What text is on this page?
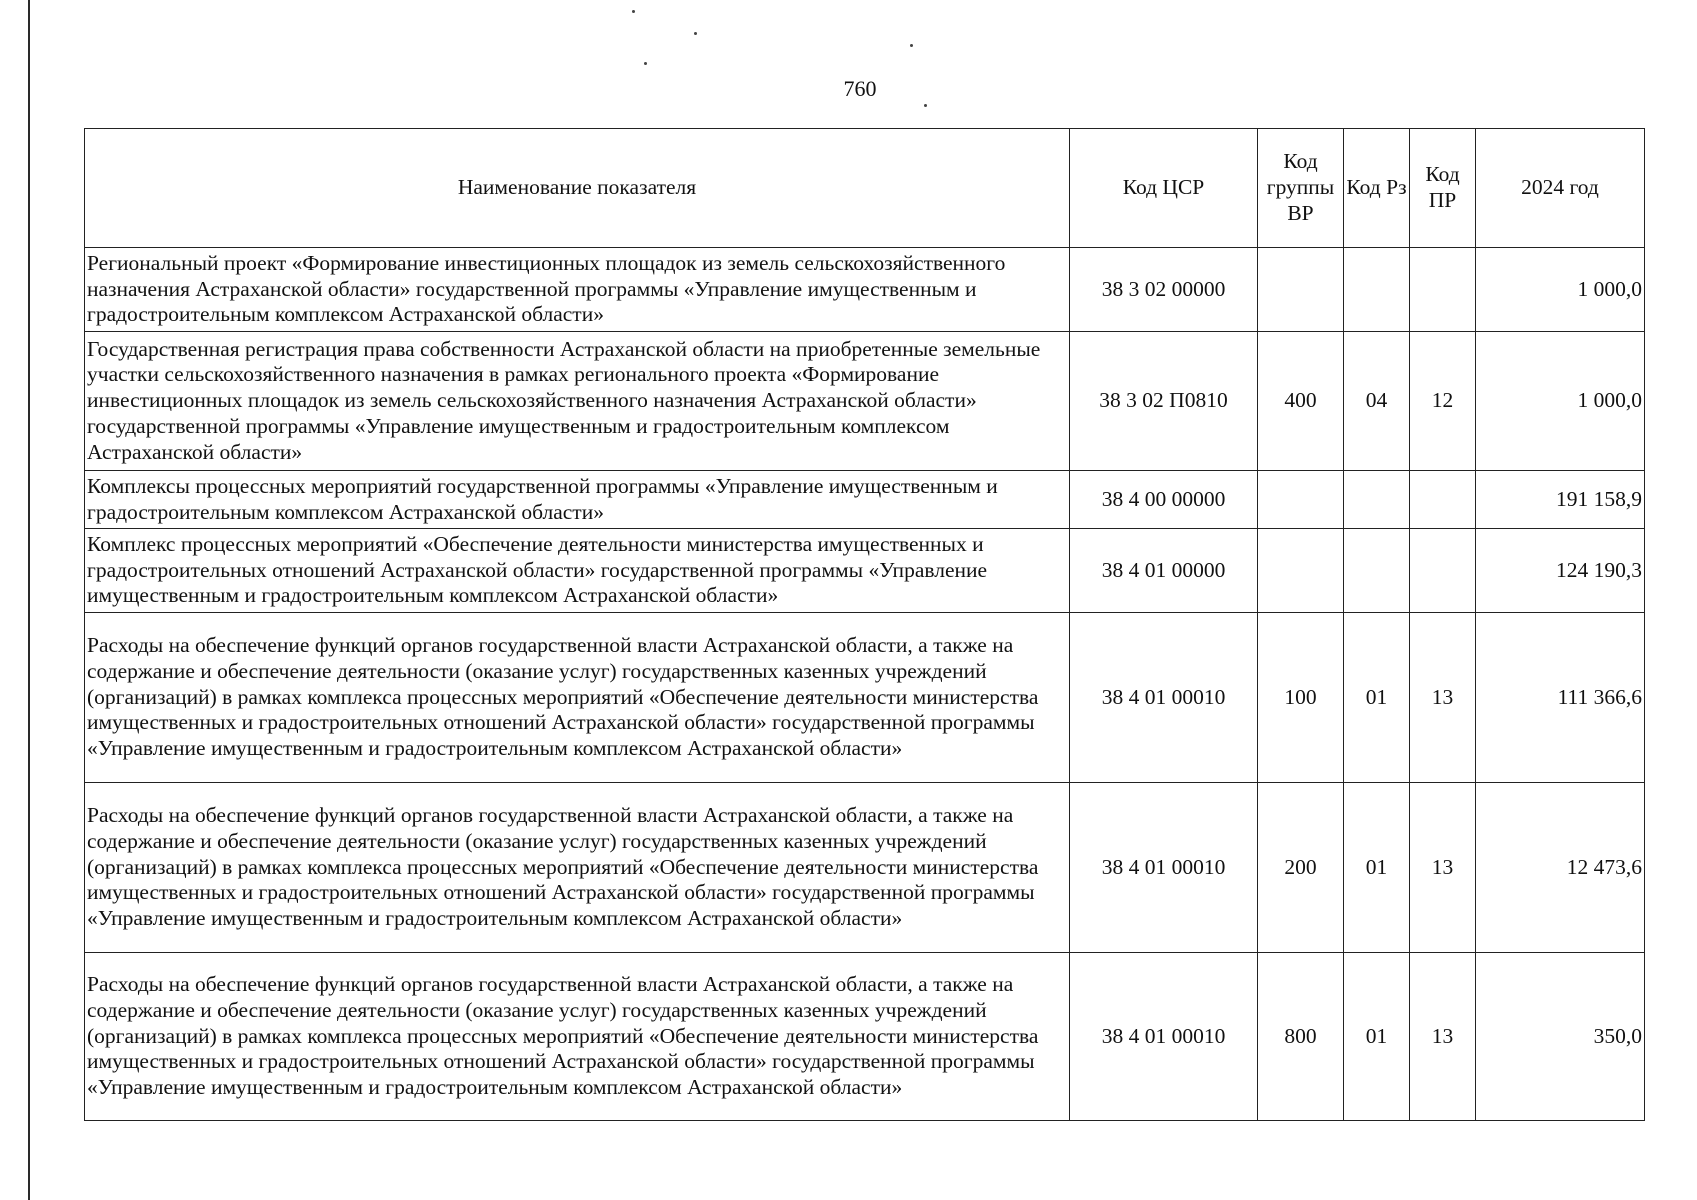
760
Наименование показателя	Код ЦСР	Код группы ВР	Код Рз	Код ПР	2024 год
Региональный проект «Формирование инвестиционных площадок из земель сельскохозяйственного назначения Астраханской области» государственной программы «Управление имущественным и градостроительным комплексом Астраханской области»	38 3 02 00000				1 000,0
Государственная регистрация права собственности Астраханской области на приобретенные земельные участки сельскохозяйственного назначения в рамках регионального проекта «Формирование инвестиционных площадок из земель сельскохозяйственного назначения Астраханской области» государственной программы «Управление имущественным и градостроительным комплексом Астраханской области»	38 3 02 П0810	400	04	12	1 000,0
Комплексы процессных мероприятий государственной программы «Управление имущественным и градостроительным комплексом Астраханской области»	38 4 00 00000				191 158,9
Комплекс процессных мероприятий «Обеспечение деятельности министерства имущественных и градостроительных отношений Астраханской области» государственной программы «Управление имущественным и градостроительным комплексом Астраханской области»	38 4 01 00000				124 190,3
Расходы на обеспечение функций органов государственной власти Астраханской области, а также на содержание и обеспечение деятельности (оказание услуг) государственных казенных учреждений (организаций) в рамках комплекса процессных мероприятий «Обеспечение деятельности министерства имущественных и градостроительных отношений Астраханской области» государственной программы «Управление имущественным и градостроительным комплексом Астраханской области»	38 4 01 00010	100	01	13	111 366,6
Расходы на обеспечение функций органов государственной власти Астраханской области, а также на содержание и обеспечение деятельности (оказание услуг) государственных казенных учреждений (организаций) в рамках комплекса процессных мероприятий «Обеспечение деятельности министерства имущественных и градостроительных отношений Астраханской области» государственной программы «Управление имущественным и градостроительным комплексом Астраханской области»	38 4 01 00010	200	01	13	12 473,6
Расходы на обеспечение функций органов государственной власти Астраханской области, а также на содержание и обеспечение деятельности (оказание услуг) государственных казенных учреждений (организаций) в рамках комплекса процессных мероприятий «Обеспечение деятельности министерства имущественных и градостроительных отношений Астраханской области» государственной программы «Управление имущественным и градостроительным комплексом Астраханской области»	38 4 01 00010	800	01	13	350,0
